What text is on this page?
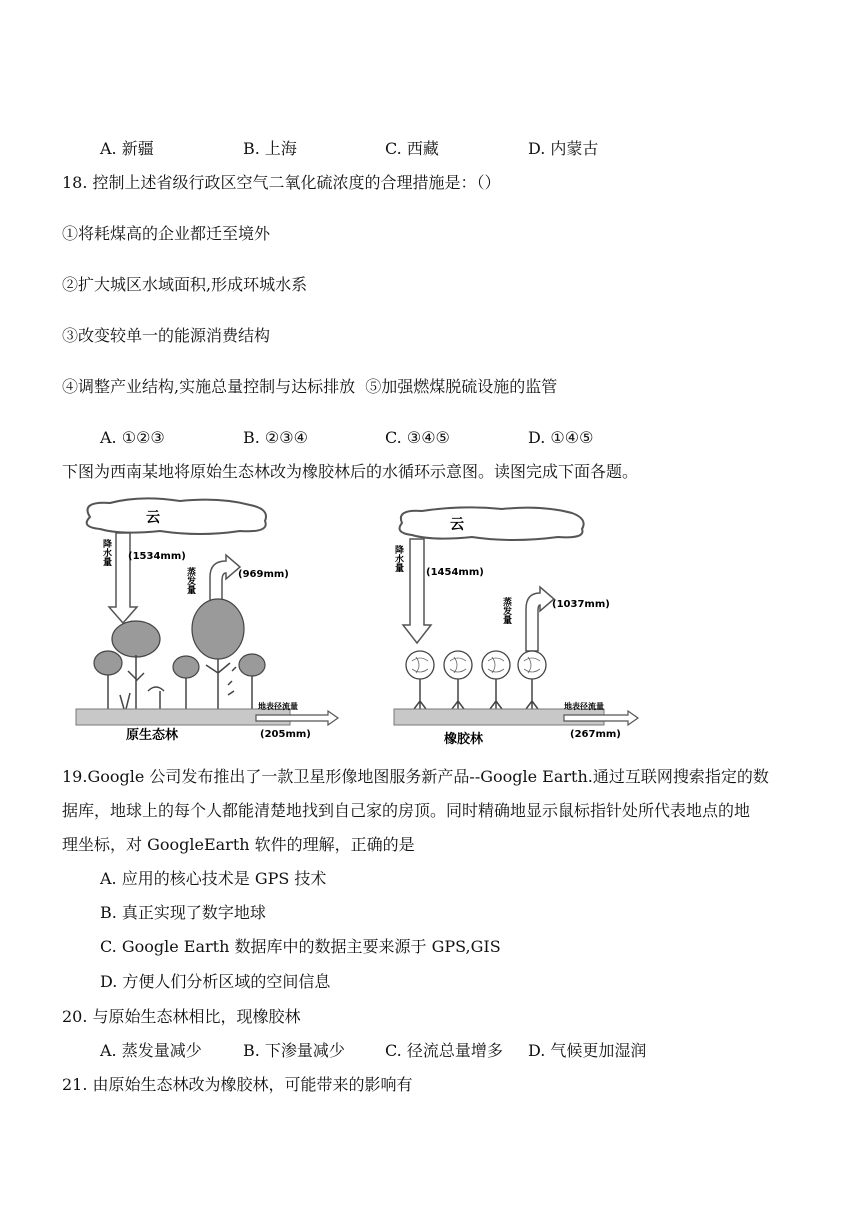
A. 新疆	B. 上海	C. 西藏	D. 内蒙古
18. 控制上述省级行政区空气二氧化硫浓度的合理措施是：（）
①将耗煤高的企业都迁至境外
②扩大城区水域面积,形成环城水系
③改变较单一的能源消费结构
④调整产业结构,实施总量控制与达标排放  ⑤加强燃煤脱硫设施的监管
A. ①②③	B. ②③④	C. ③④⑤	D. ①④⑤
下图为西南某地将原始生态林改为橡胶林后的水循环示意图。读图完成下面各题。
云
降水量 (1534mm)
蒸发量	(969mm)
地表径流量
(205mm)
原生态林
云
降水量
(1454mm)
蒸发量	(1037mm)
地表径流量
(267mm)
橡胶林
19.Google 公司发布推出了一款卫星形像地图服务新产品--Google Earth.通过互联网搜索指定的数
据库，地球上的每个人都能清楚地找到自己家的房顶。同时精确地显示鼠标指针处所代表地点的地
理坐标，对 GoogleEarth 软件的理解，正确的是
A. 应用的核心技术是 GPS 技术
B. 真正实现了数字地球
C. Google Earth 数据库中的数据主要来源于 GPS,GIS
D. 方便人们分析区域的空间信息
20. 与原始生态林相比，现橡胶林
A. 蒸发量减少	B. 下渗量减少	C. 径流总量增多 D. 气候更加湿润
21. 由原始生态林改为橡胶林，可能带来的影响有
